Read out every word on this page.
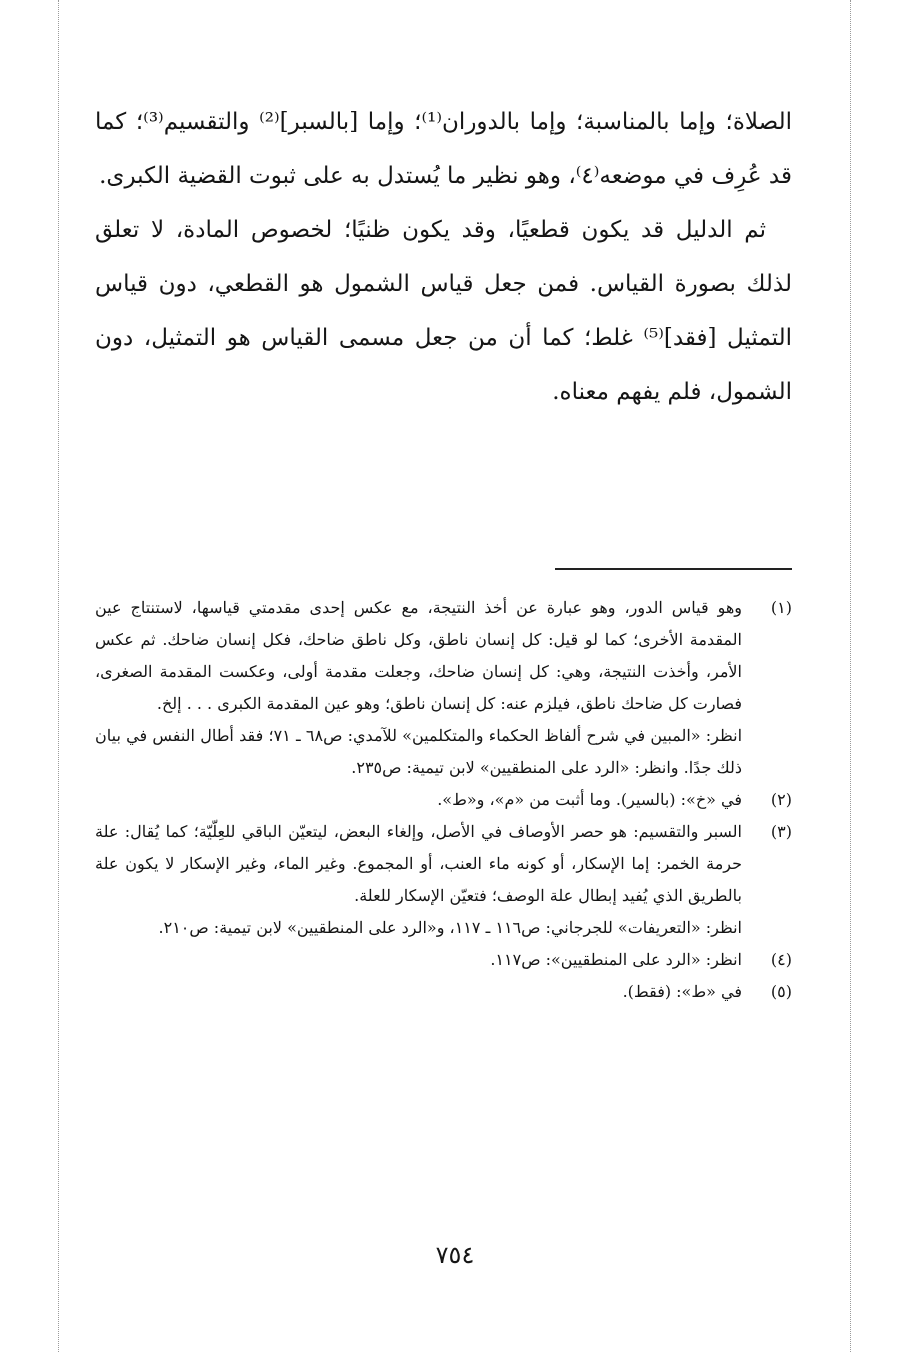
الصلاة؛ وإما بالمناسبة؛ وإما بالدوران⁽¹⁾؛ وإما [بالسبر]⁽²⁾ والتقسيم⁽³⁾؛ كما قد عُرِف في موضعه⁽٤⁾، وهو نظير ما يُستدل به على ثبوت القضية الكبرى.

ثم الدليل قد يكون قطعيًا، وقد يكون ظنيًا؛ لخصوص المادة، لا تعلق لذلك بصورة القياس. فمن جعل قياس الشمول هو القطعي، دون قياس التمثيل [فقد]⁽⁵⁾ غلط؛ كما أن من جعل مسمى القياس هو التمثيل، دون الشمول، فلم يفهم معناه.

(١)

وهو قياس الدور، وهو عبارة عن أخذ النتيجة، مع عكس إحدى مقدمتي قياسها، لاستنتاج عين المقدمة الأخرى؛ كما لو قيل: كل إنسان ناطق، وكل ناطق ضاحك، فكل إنسان ضاحك. ثم عكس الأمر، وأخذت النتيجة، وهي: كل إنسان ضاحك، وجعلت مقدمة أولى، وعكست المقدمة الصغرى، فصارت كل ضاحك ناطق، فيلزم عنه: كل إنسان ناطق؛ وهو عين المقدمة الكبرى . . . إلخ.

انظر: «المبين في شرح ألفاظ الحكماء والمتكلمين» للآمدي: ص٦٨ ـ ٧١؛ فقد أطال النفس في بيان ذلك جدًا. وانظر: «الرد على المنطقيين» لابن تيمية: ص٢٣٥.

(٢)

في «خ»: (بالسير). وما أثبت من «م»، و«ط».

(٣)

السبر والتقسيم: هو حصر الأوصاف في الأصل، وإلغاء البعض، ليتعيّن الباقي للعِلّيّة؛ كما يُقال: علة حرمة الخمر: إما الإسكار، أو كونه ماء العنب، أو المجموع. وغير الماء، وغير الإسكار لا يكون علة بالطريق الذي يُفيد إبطال علة الوصف؛ فتعيّن الإسكار للعلة.

انظر: «التعريفات» للجرجاني: ص١١٦ ـ ١١٧، و«الرد على المنطقيين» لابن تيمية: ص٢١٠.

(٤)

انظر: «الرد على المنطقيين»: ص١١٧.

(٥)

في «ط»: (فقط).

٧٥٤
